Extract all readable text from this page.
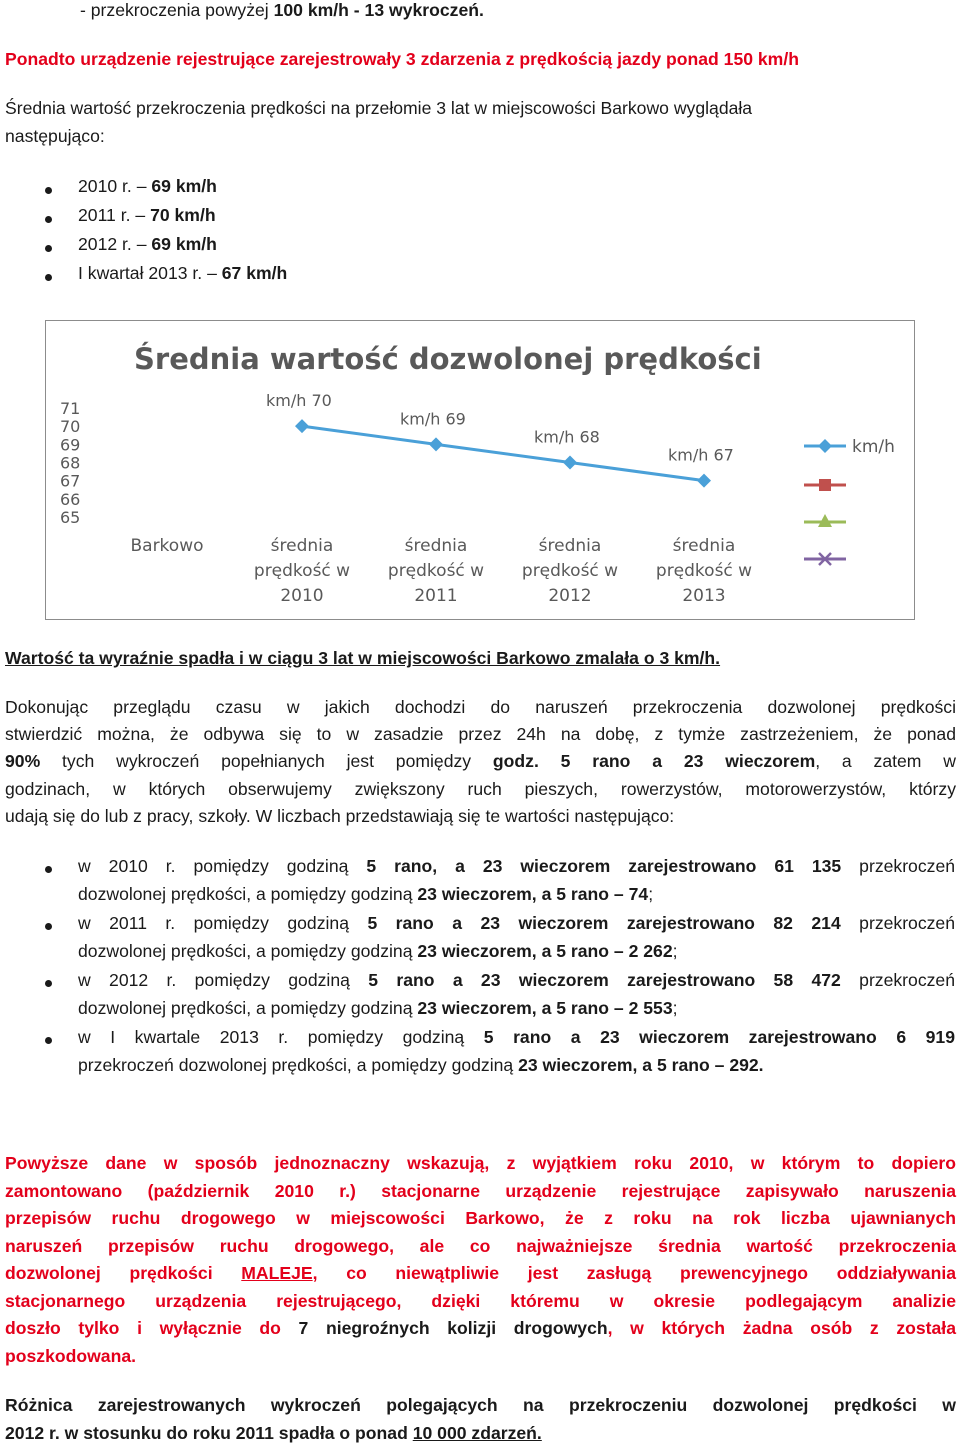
- przekroczenia powyżej 100 km/h - 13 wykroczeń.
Ponadto urządzenie rejestrujące zarejestrowały 3 zdarzenia z prędkością jazdy ponad 150 km/h
Średnia wartość przekroczenia prędkości na przełomie 3 lat w miejscowości Barkowo wyglądała
następująco:
2010 r. – 69 km/h
2011 r. – 70 km/h
2012 r. – 69 km/h
I kwartał 2013 r. – 67 km/h
Średnia wartość dozwolonej prędkości
71
70
69
68
67
66
65
Barkowo	średnia
prędkość w
2010
średnia
prędkość w
2011
średnia
prędkość w
2012
średnia
prędkość w
2013
km/h 70
km/h 69
km/h 68
km/h 67	km/h
Wartość ta wyraźnie spadła i w ciągu 3 lat w miejscowości Barkowo zmalała o 3 km/h.
Dokonując przeglądu czasu w jakich dochodzi do naruszeń przekroczenia dozwolonej prędkości
stwierdzić można, że odbywa się to w zasadzie przez 24h na dobę, z tymże zastrzeżeniem, że ponad
90% tych wykroczeń popełnianych jest pomiędzy godz. 5 rano a 23 wieczorem, a zatem w
godzinach, w których obserwujemy zwiększony ruch pieszych, rowerzystów, motorowerzystów, którzy
udają się do lub z pracy, szkoły. W liczbach przedstawiają się te wartości następująco:
w 2010 r. pomiędzy godziną 5 rano, a 23 wieczorem zarejestrowano 61 135 przekroczeń
dozwolonej prędkości, a pomiędzy godziną 23 wieczorem, a 5 rano – 74;
w 2011 r. pomiędzy godziną 5 rano a 23 wieczorem zarejestrowano 82 214 przekroczeń
dozwolonej prędkości, a pomiędzy godziną 23 wieczorem, a 5 rano – 2 262;
w 2012 r. pomiędzy godziną 5 rano a 23 wieczorem zarejestrowano 58 472 przekroczeń
dozwolonej prędkości, a pomiędzy godziną 23 wieczorem, a 5 rano – 2 553;
w I kwartale 2013 r. pomiędzy godziną 5 rano a 23 wieczorem zarejestrowano 6 919
przekroczeń dozwolonej prędkości, a pomiędzy godziną 23 wieczorem, a 5 rano – 292.
Powyższe dane w sposób jednoznaczny wskazują, z wyjątkiem roku 2010, w którym to dopiero
zamontowano (październik 2010 r.) stacjonarne urządzenie rejestrujące zapisywało naruszenia
przepisów ruchu drogowego w miejscowości Barkowo, że z roku na rok liczba ujawnianych
naruszeń przepisów ruchu drogowego, ale co najważniejsze średnia wartość przekroczenia
dozwolonej prędkości MALEJE, co niewątpliwie jest zasługą prewencyjnego oddziaływania
stacjonarnego urządzenia rejestrującego, dzięki któremu w okresie podlegającym analizie
doszło tylko i wyłącznie do 7 niegroźnych kolizji drogowych, w których żadna osób z została
poszkodowana.
Różnica zarejestrowanych wykroczeń polegających na przekroczeniu dozwolonej prędkości w
2012 r. w stosunku do roku 2011 spadła o ponad 10 000 zdarzeń.
